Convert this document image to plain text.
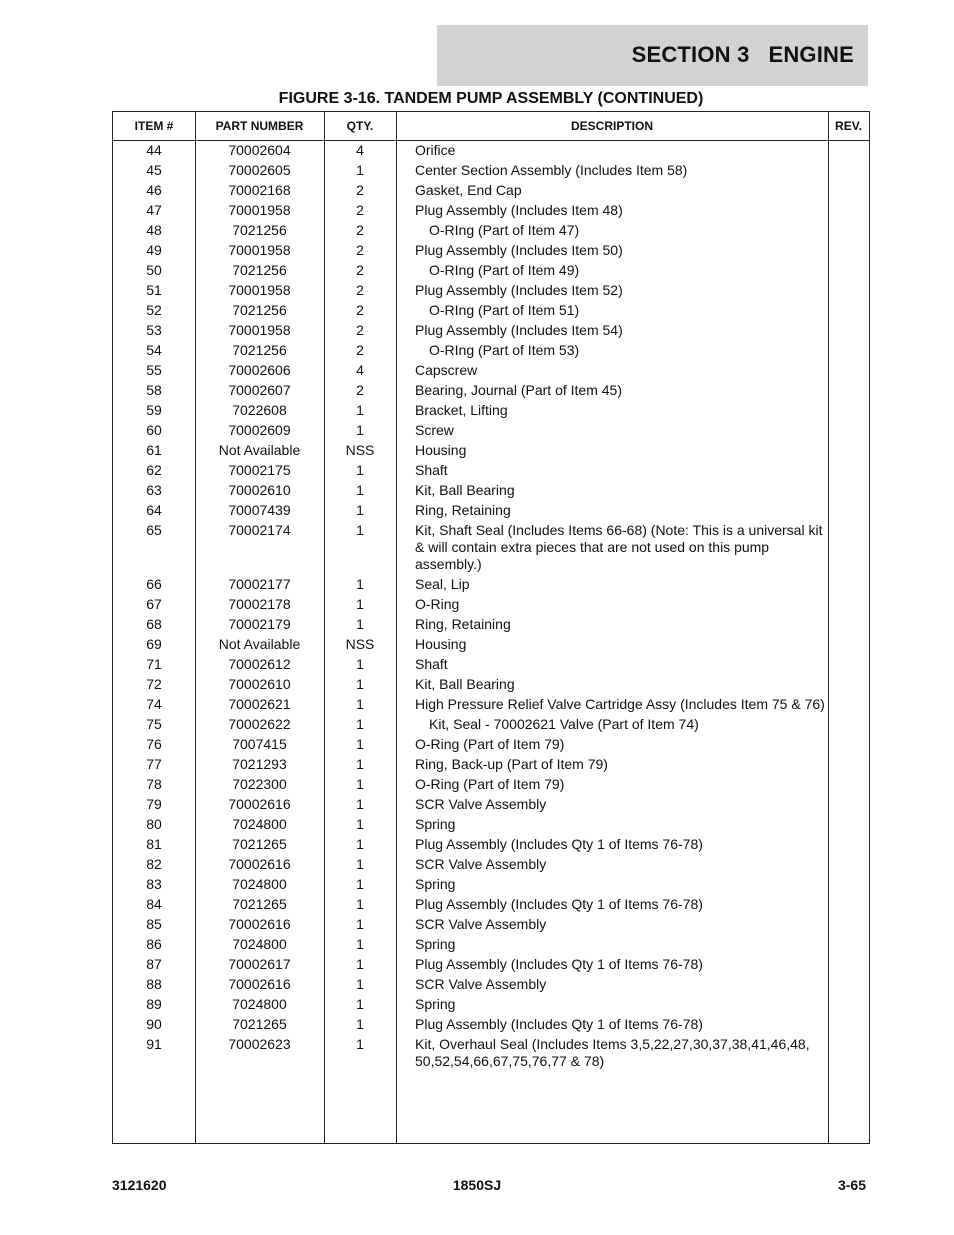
SECTION 3   ENGINE
FIGURE 3-16. TANDEM PUMP ASSEMBLY (CONTINUED)
ITEM #	PART NUMBER	QTY.	DESCRIPTION	REV.
44	70002604	4	Orifice
45	70002605	1	Center Section Assembly (Includes Item 58)
46	70002168	2	Gasket, End Cap
47	70001958	2	Plug Assembly (Includes Item 48)
48	7021256	2	O-RIng (Part of Item 47)
49	70001958	2	Plug Assembly (Includes Item 50)
50	7021256	2	O-RIng (Part of Item 49)
51	70001958	2	Plug Assembly (Includes Item 52)
52	7021256	2	O-RIng (Part of Item 51)
53	70001958	2	Plug Assembly (Includes Item 54)
54	7021256	2	O-RIng (Part of Item 53)
55	70002606	4	Capscrew
58	70002607	2	Bearing, Journal (Part of Item 45)
59	7022608	1	Bracket, Lifting
60	70002609	1	Screw
61	Not Available	NSS	Housing
62	70002175	1	Shaft
63	70002610	1	Kit, Ball Bearing
64	70007439	1	Ring, Retaining
65	70002174	1	Kit, Shaft Seal (Includes Items 66-68) (Note: This is a universal kit & will contain extra pieces that are not used on this pump assembly.)
66	70002177	1	Seal, Lip
67	70002178	1	O-Ring
68	70002179	1	Ring, Retaining
69	Not Available	NSS	Housing
71	70002612	1	Shaft
72	70002610	1	Kit, Ball Bearing
74	70002621	1	High Pressure Relief Valve Cartridge Assy (Includes Item 75 & 76)
75	70002622	1	Kit, Seal - 70002621 Valve (Part of Item 74)
76	7007415	1	O-Ring (Part of Item 79)
77	7021293	1	Ring, Back-up (Part of Item 79)
78	7022300	1	O-Ring (Part of Item 79)
79	70002616	1	SCR Valve Assembly
80	7024800	1	Spring
81	7021265	1	Plug Assembly (Includes Qty 1 of Items 76-78)
82	70002616	1	SCR Valve Assembly
83	7024800	1	Spring
84	7021265	1	Plug Assembly (Includes Qty 1 of Items 76-78)
85	70002616	1	SCR Valve Assembly
86	7024800	1	Spring
87	70002617	1	Plug Assembly (Includes Qty 1 of Items 76-78)
88	70002616	1	SCR Valve Assembly
89	7024800	1	Spring
90	7021265	1	Plug Assembly (Includes Qty 1 of Items 76-78)
91	70002623	1	Kit, Overhaul Seal (Includes Items 3,5,22,27,30,37,38,41,46,48, 50,52,54,66,67,75,76,77 & 78)
3121620	1850SJ	3-65
